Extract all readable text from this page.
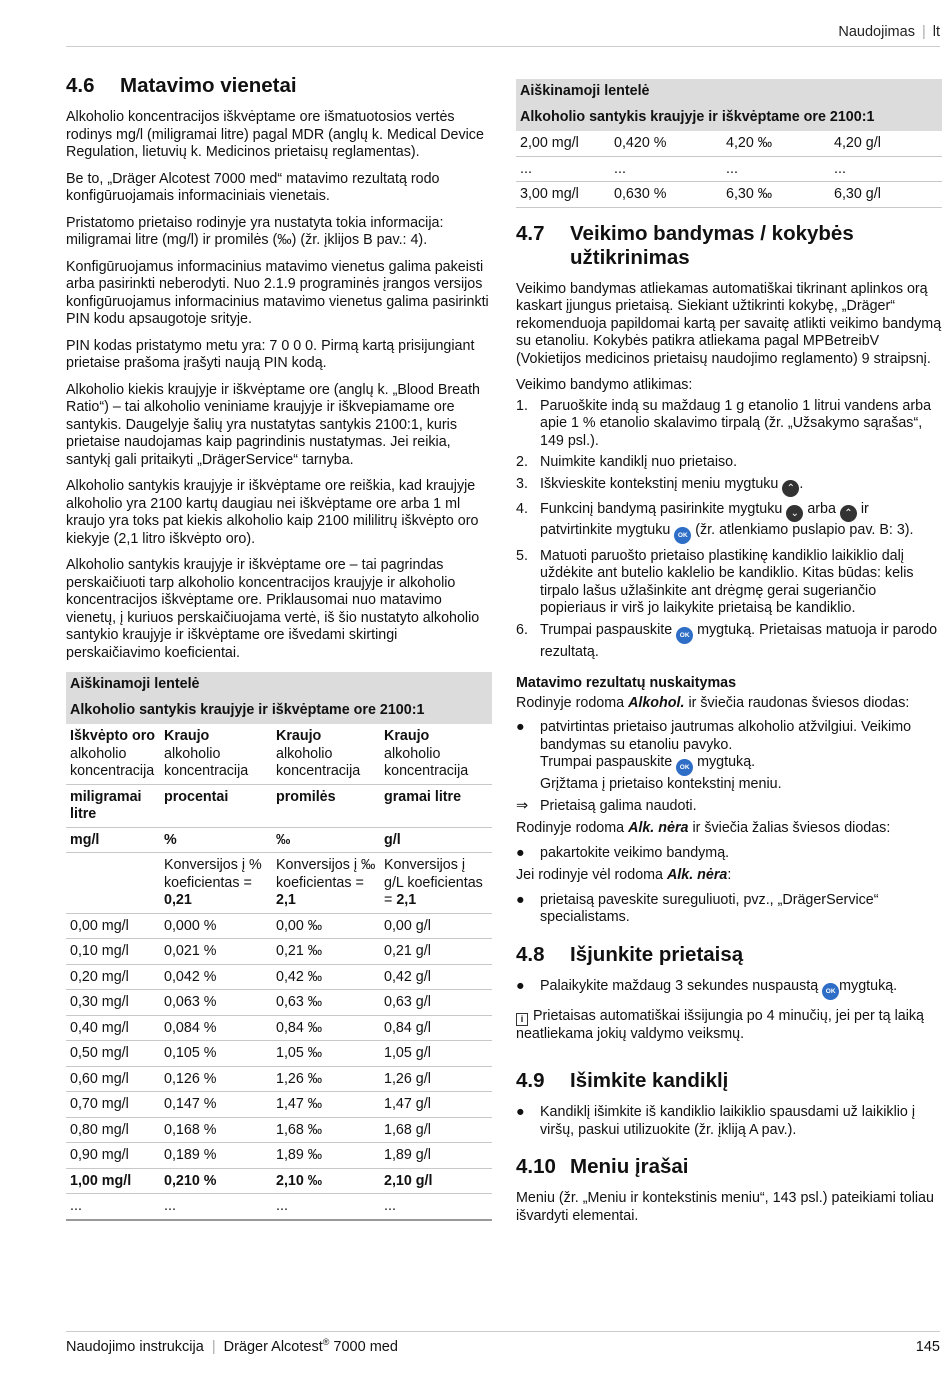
Naudojimas | lt
4.6	Matavimo vienetai

Alkoholio koncentracijos iškvėptame ore išmatuotosios vertės rodinys mg/l (miligramai litre) pagal MDR (anglų k. Medical Device Regulation, lietuvių k. Medicinos prietaisų reglamentas).

Be to, „Dräger Alcotest 7000 med“ matavimo rezultatą rodo konfigūruojamais informaciniais vienetais.

Pristatomo prietaiso rodinyje yra nustatyta tokia informacija: miligramai litre (mg/l) ir promilės (‰) (žr. įklijos B pav.: 4).

Konfigūruojamus informacinius matavimo vienetus galima pakeisti arba pasirinkti neberodyti. Nuo 2.1.9 programinės įrangos versijos konfigūruojamus informacinius matavimo vienetus galima pasirinkti PIN kodu apsaugotoje srityje.

PIN kodas pristatymo metu yra: 7 0 0 0. Pirmą kartą prisijungiant prietaise prašoma įrašyti naują PIN kodą.

Alkoholio kiekis kraujyje ir iškvėptame ore (anglų k. „Blood Breath Ratio“) – tai alkoholio veniniame kraujyje ir iškvepiamame ore santykis. Daugelyje šalių yra nustatytas santykis 2100:1, kuris prietaise naudojamas kaip pagrindinis nustatymas. Jei reikia, santykį gali pritaikyti „DrägerService“ tarnyba.

Alkoholio santykis kraujyje ir iškvėptame ore reiškia, kad kraujyje alkoholio yra 2100 kartų daugiau nei iškvėptame ore arba 1 ml kraujo yra toks pat kiekis alkoholio kaip 2100 mililitrų iškvėpto oro kiekyje (2,1 litro iškvėpto oro).

Alkoholio santykis kraujyje ir iškvėptame ore – tai pagrindas perskaičiuoti tarp alkoholio koncentracijos kraujyje ir alkoholio koncentracijos iškvėptame ore. Priklausomai nuo matavimo vienetų, į kuriuos perskaičiuojama vertė, iš šio nustatyto alkoholio santykio kraujyje ir iškvėptame ore išvedami skirtingi perskaičiavimo koeficientai.

Aiškinamoji lentelė
Alkoholio santykis kraujyje ir iškvėptame ore 2100:1
Iškvėpto oro alkoholio koncentracija	Kraujo alkoholio koncentracija	Kraujo alkoholio koncentracija	Kraujo alkoholio koncentracija
miligramai litre	procentai	promilės	gramai litre
mg/l	%	‰	g/l
	Konversijos į % koeficientas = 0,21	Konversijos į ‰ koeficientas = 2,1	Konversijos į g/L koeficientas = 2,1
0,00 mg/l	0,000 %	0,00 ‰	0,00 g/l
0,10 mg/l	0,021 %	0,21 ‰	0,21 g/l
0,20 mg/l	0,042 %	0,42 ‰	0,42 g/l
0,30 mg/l	0,063 %	0,63 ‰	0,63 g/l
0,40 mg/l	0,084 %	0,84 ‰	0,84 g/l
0,50 mg/l	0,105 %	1,05 ‰	1,05 g/l
0,60 mg/l	0,126 %	1,26 ‰	1,26 g/l
0,70 mg/l	0,147 %	1,47 ‰	1,47 g/l
0,80 mg/l	0,168 %	1,68 ‰	1,68 g/l
0,90 mg/l	0,189 %	1,89 ‰	1,89 g/l
1,00 mg/l	0,210 %	2,10 ‰	2,10 g/l
...	...	...	...
Aiškinamoji lentelė
Alkoholio santykis kraujyje ir iškvėptame ore 2100:1
2,00 mg/l	0,420 %	4,20 ‰	4,20 g/l
...	...	...	...
3,00 mg/l	0,630 %	6,30 ‰	6,30 g/l
4.7	Veikimo bandymas / kokybės užtikrinimas

Veikimo bandymas atliekamas automatiškai tikrinant aplinkos orą kaskart įjungus prietaisą. Siekiant užtikrinti kokybę, „Dräger“ rekomenduoja papildomai kartą per savaitę atlikti veikimo bandymą su etanoliu. Kokybės patikra atliekama pagal MPBetreibV (Vokietijos medicinos prietaisų naudojimo reglamento) 9 straipsnį.

Veikimo bandymo atlikimas:

1. Paruoškite indą su maždaug 1 g etanolio 1 litrui vandens arba apie 1 % etanolio skalavimo tirpalą (žr. „Užsakymo sąrašas“, 149 psl.).
2. Nuimkite kandiklį nuo prietaiso.
3. Iškvieskite kontekstinį meniu mygtuku ⌃ .
4. Funkcinį bandymą pasirinkite mygtuku ⌄ arba ⌃ ir patvirtinkite mygtuku OK (žr. atlenkiamo puslapio pav. B: 3).
5. Matuoti paruošto prietaiso plastikinę kandiklio laikiklio dalį uždėkite ant butelio kaklelio be kandiklio. Kitas būdas: kelis tirpalo lašus užlašinkite ant drėgmę gerai sugeriančio popieriaus ir virš jo laikykite prietaisą be kandiklio.
6. Trumpai paspauskite OK mygtuką. Prietaisas matuoja ir parodo rezultatą.
Matavimo rezultatų nuskaitymas

Rodinyje rodoma Alkohol. ir šviečia raudonas šviesos diodas:

●	patvirtintas prietaiso jautrumas alkoholio atžvilgiui. Veikimo bandymas su etanoliu pavyko.
Trumpai paspauskite OK mygtuką.
Grįžtama į prietaiso kontekstinį meniu.
⇒ Prietaisą galima naudoti.

Rodinyje rodoma Alk. nėra ir šviečia žalias šviesos diodas:

●	pakartokite veikimo bandymą.

Jei rodinyje vėl rodoma Alk. nėra:

●	prietaisą paveskite sureguliuoti, pvz., „DrägerService“ specialistams.
4.8	Išjunkite prietaisą
●	Palaikykite maždaug 3 sekundes nuspaustą OK mygtuką.
i Prietaisas automatiškai išsijungia po 4 minučių, jei per tą laiką neatliekama jokių valdymo veiksmų.
4.9	Išimkite kandiklį
●	Kandiklį išimkite iš kandiklio laikiklio spausdami už laikiklio į viršų, paskui utilizuokite (žr. įkliją A pav.).
4.10 Meniu įrašai

Meniu (žr. „Meniu ir kontekstinis meniu“, 143 psl.) pateikiami toliau išvardyti elementai.

Naudojimo instrukcija | Dräger Alcotest® 7000 med	145
